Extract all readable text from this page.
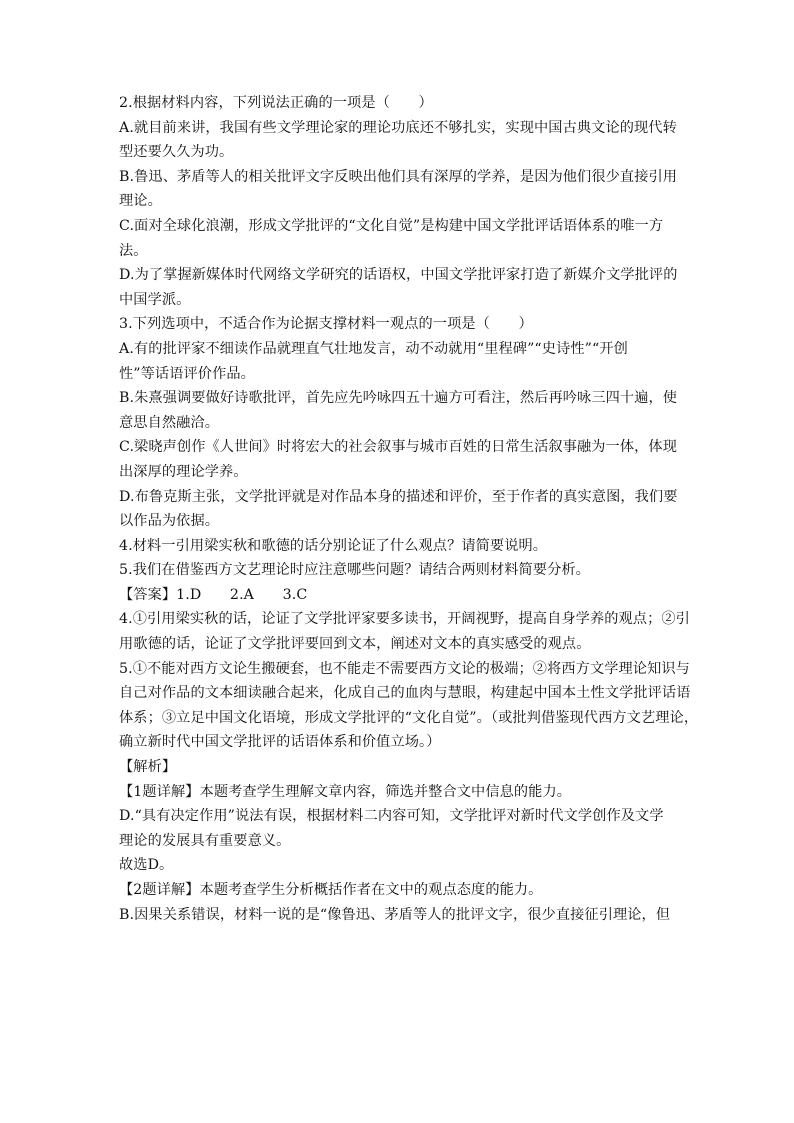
2.根据材料内容，下列说法正确的一项是（　　）
A.就目前来讲，我国有些文学理论家的理论功底还不够扎实，实现中国古典文论的现代转
型还要久久为功。
B.鲁迅、茅盾等人的相关批评文字反映出他们具有深厚的学养，是因为他们很少直接引用
理论。
C.面对全球化浪潮，形成文学批评的“文化自觉”是构建中国文学批评话语体系的唯一方
法。
D.为了掌握新媒体时代网络文学研究的话语权，中国文学批评家打造了新媒介文学批评的
中国学派。
3.下列选项中，不适合作为论据支撑材料一观点的一项是（　　）
A.有的批评家不细读作品就理直气壮地发言，动不动就用“里程碑”“史诗性”“开创
性”等话语评价作品。
B.朱熹强调要做好诗歌批评，首先应先吟咏四五十遍方可看注，然后再吟咏三四十遍，使
意思自然融洽。
C.梁晓声创作《人世间》时将宏大的社会叙事与城市百姓的日常生活叙事融为一体，体现
出深厚的理论学养。
D.布鲁克斯主张，文学批评就是对作品本身的描述和评价，至于作者的真实意图，我们要
以作品为依据。
4.材料一引用梁实秋和歌德的话分别论证了什么观点？请简要说明。
5.我们在借鉴西方文艺理论时应注意哪些问题？请结合两则材料简要分析。
【答案】1.D　　2.A　　3.C
4.①引用梁实秋的话，论证了文学批评家要多读书，开阔视野，提高自身学养的观点；②引
用歌德的话，论证了文学批评要回到文本，阐述对文本的真实感受的观点。
5.①不能对西方文论生搬硬套，也不能走不需要西方文论的极端；②将西方文学理论知识与
自己对作品的文本细读融合起来，化成自己的血肉与慧眼，构建起中国本土性文学批评话语
体系；③立足中国文化语境，形成文学批评的“文化自觉”。（或批判借鉴现代西方文艺理论，
确立新时代中国文学批评的话语体系和价值立场。）
【解析】
【1题详解】本题考查学生理解文章内容，筛选并整合文中信息的能力。
D.“具有决定作用”说法有误，根据材料二内容可知，文学批评对新时代文学创作及文学
理论的发展具有重要意义。
故选D。
【2题详解】本题考查学生分析概括作者在文中的观点态度的能力。
B.因果关系错误，材料一说的是“像鲁迅、茅盾等人的批评文字，很少直接征引理论，但
